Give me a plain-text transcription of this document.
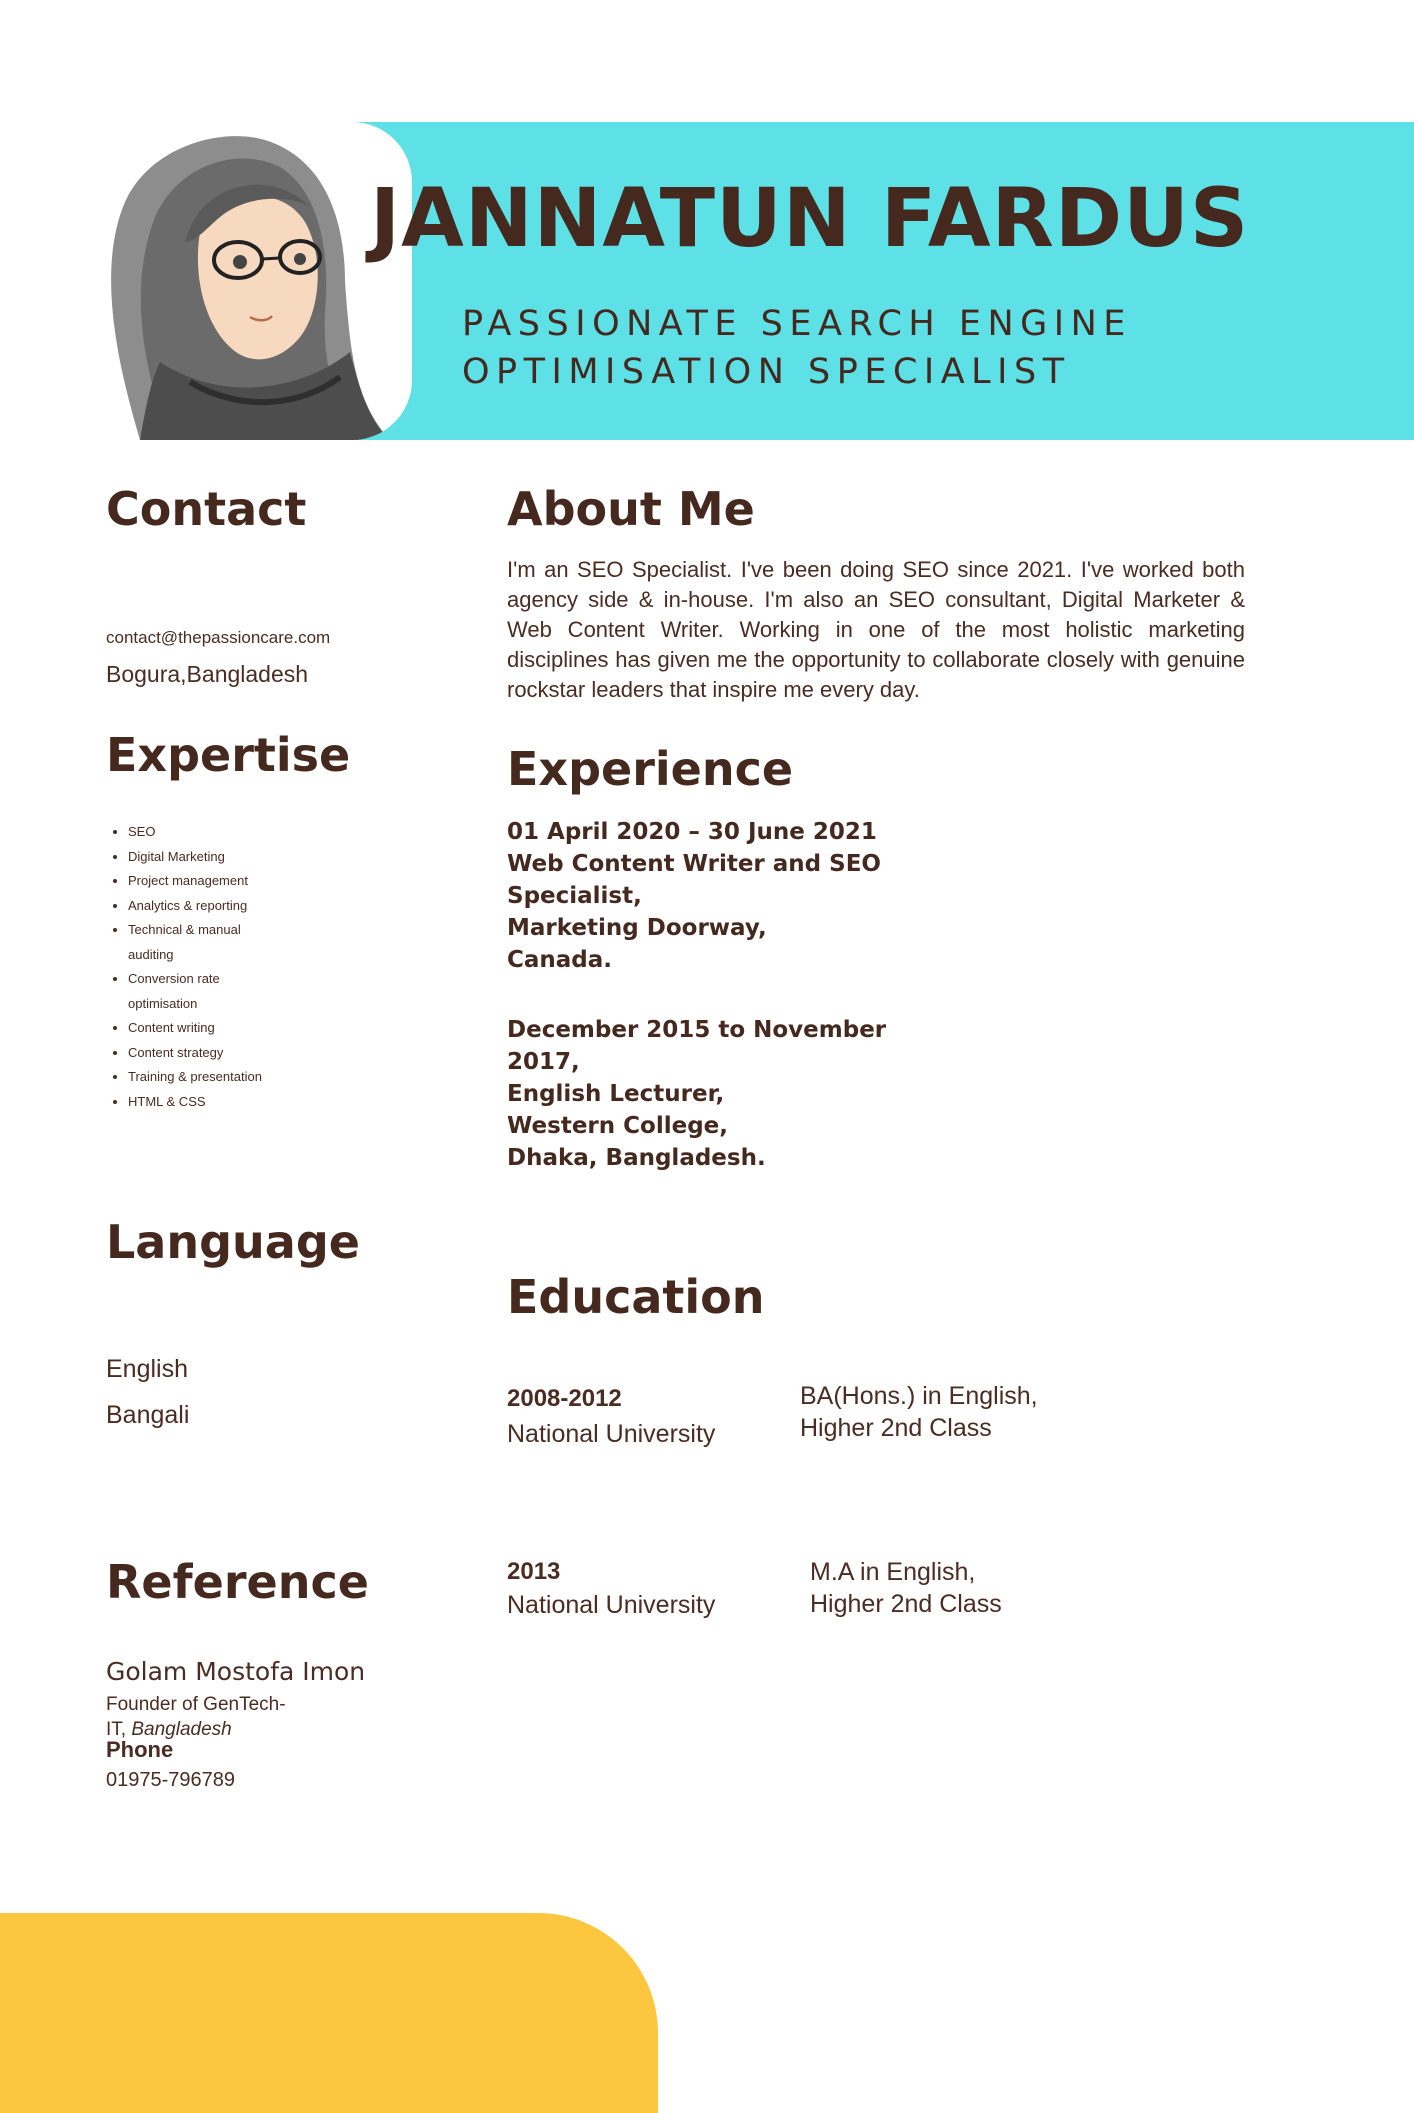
JANNATUN FARDUS
PASSIONATE SEARCH ENGINE
OPTIMISATION SPECIALIST
Contact
contact@thepassioncare.com
Bogura,Bangladesh
Expertise
• SEO
• Digital Marketing
• Project management
• Analytics & reporting
• Technical & manual auditing
• Conversion rate optimisation
• Content writing
• Content strategy
• Training & presentation
• HTML & CSS
Language
English
Bangali
Reference
Golam Mostofa Imon
Founder of GenTech-
IT, Bangladesh
Phone
01975-796789
About Me
I'm an SEO Specialist. I've been doing SEO since 2021. I've worked both agency side & in-house. I'm also an SEO consultant, Digital Marketer & Web Content Writer. Working in one of the most holistic marketing disciplines has given me the opportunity to collaborate closely with genuine rockstar leaders that inspire me every day.
Experience
01 April 2020 – 30 June 2021
Web Content Writer and SEO
Specialist,
Marketing Doorway,
Canada.
December 2015 to November
2017,
English Lecturer,
Western College,
Dhaka, Bangladesh.
Education
2008-2012
National University
BA(Hons.) in English,
Higher 2nd Class
2013
National University
M.A in English,
Higher 2nd Class
